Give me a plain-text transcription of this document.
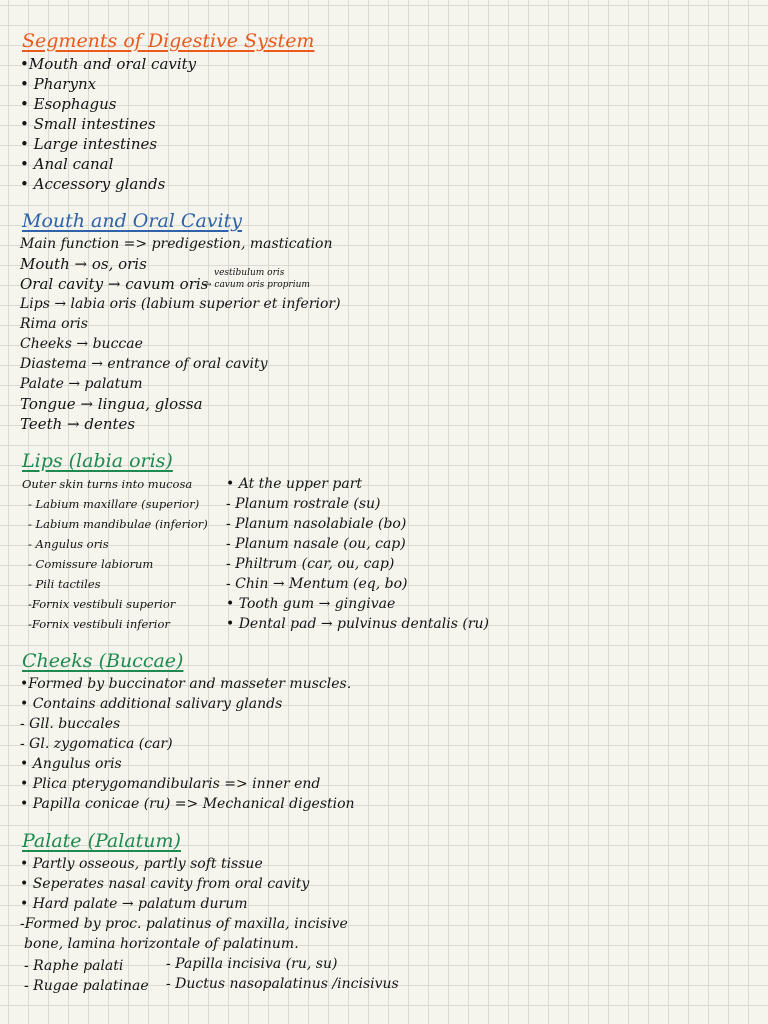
Segments of Digestive System
•Mouth and oral cavity
• Pharynx
• Esophagus
• Small intestines
• Large intestines
• Anal canal
• Accessory glands
Mouth and Oral Cavity
Main function => predigestion, mastication
Mouth → os, oris
Oral cavity → cavum oris
vestibulum oris
→ cavum oris proprium
Lips → labia oris (labium superior et inferior)
Rima oris
Cheeks → buccae
Diastema → entrance of oral cavity
Palate → palatum
Tongue → lingua, glossa
Teeth → dentes
Lips (labia oris)
Outer skin turns into mucosa
- Labium maxillare (superior)
- Labium mandibulae (inferior)
- Angulus oris
- Comissure labiorum
- Pili tactiles
-Fornix vestibuli superior
-Fornix vestibuli inferior
• At the upper part
- Planum rostrale (su)
- Planum nasolabiale (bo)
- Planum nasale (ou, cap)
- Philtrum (car, ou, cap)
- Chin → Mentum (eq, bo)
• Tooth gum → gingivae
• Dental pad → pulvinus dentalis (ru)
Cheeks (Buccae)
•Formed by buccinator and masseter muscles.
• Contains additional salivary glands
- Gll. buccales
- Gl. zygomatica (car)
• Angulus oris
• Plica pterygomandibularis => inner end
• Papilla conicae (ru) => Mechanical digestion
Palate (Palatum)
• Partly osseous, partly soft tissue
• Seperates nasal cavity from oral cavity
• Hard palate → palatum durum
-Formed by proc. palatinus of maxilla, incisive
bone, lamina horizontale of palatinum.
- Raphe palati
- Rugae palatinae
- Papilla incisiva (ru, su)
- Ductus nasopalatinus /incisivus
